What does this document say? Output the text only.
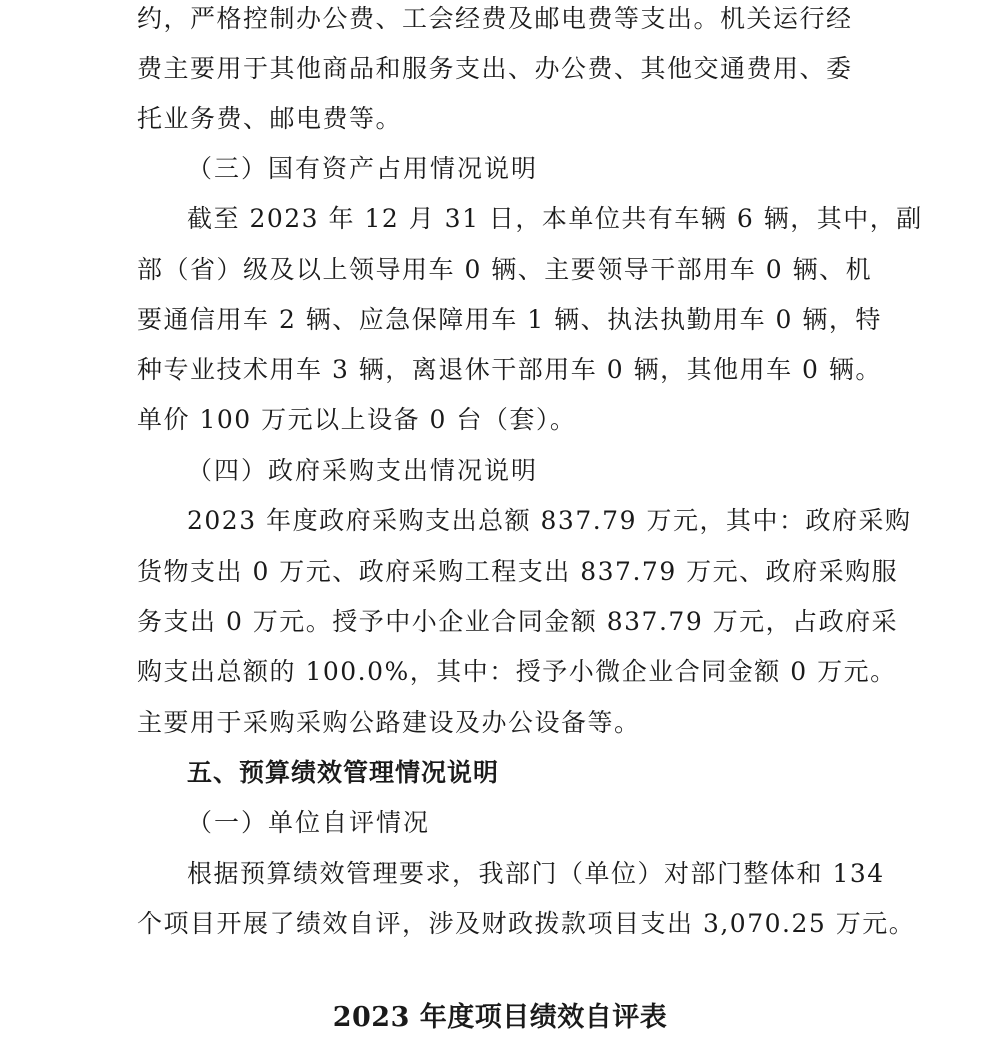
约，严格控制办公费、工会经费及邮电费等支出。机关运行经
费主要用于其他商品和服务支出、办公费、其他交通费用、委
托业务费、邮电费等。
（三）国有资产占用情况说明
截至 2023 年 12 月 31 日，本单位共有车辆 6 辆，其中，副
部（省）级及以上领导用车 0 辆、主要领导干部用车 0 辆、机
要通信用车 2 辆、应急保障用车 1 辆、执法执勤用车 0 辆，特
种专业技术用车 3 辆，离退休干部用车 0 辆，其他用车 0 辆。
单价 100 万元以上设备 0 台（套）。
（四）政府采购支出情况说明
2023 年度政府采购支出总额 837.79 万元，其中：政府采购
货物支出 0 万元、政府采购工程支出 837.79 万元、政府采购服
务支出 0 万元。授予中小企业合同金额 837.79 万元，占政府采
购支出总额的 100.0%，其中：授予小微企业合同金额 0 万元。
主要用于采购采购公路建设及办公设备等。
五、预算绩效管理情况说明
（一）单位自评情况
根据预算绩效管理要求，我部门（单位）对部门整体和 134
个项目开展了绩效自评，涉及财政拨款项目支出 3,070.25 万元。
2023 年度项目绩效自评表
